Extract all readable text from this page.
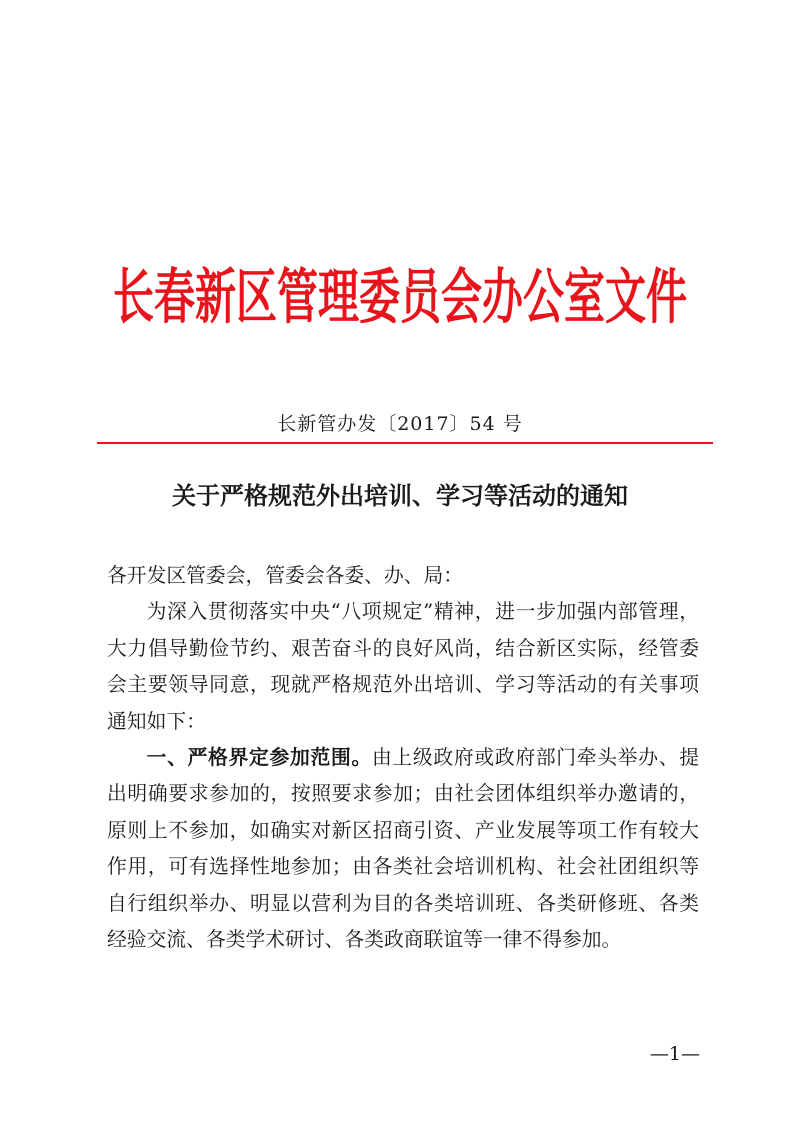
长春新区管理委员会办公室文件
长新管办发〔2017〕54 号
关于严格规范外出培训、学习等活动的通知

各开发区管委会，管委会各委、办、局：

为深入贯彻落实中央“八项规定”精神，进一步加强内部管理，大力倡导勤俭节约、艰苦奋斗的良好风尚，结合新区实际，经管委会主要领导同意，现就严格规范外出培训、学习等活动的有关事项通知如下：

一、严格界定参加范围。由上级政府或政府部门牵头举办、提出明确要求参加的，按照要求参加；由社会团体组织举办邀请的，原则上不参加，如确实对新区招商引资、产业发展等项工作有较大作用，可有选择性地参加；由各类社会培训机构、社会社团组织等自行组织举办、明显以营利为目的各类培训班、各类研修班、各类经验交流、各类学术研讨、各类政商联谊等一律不得参加。

—1—
